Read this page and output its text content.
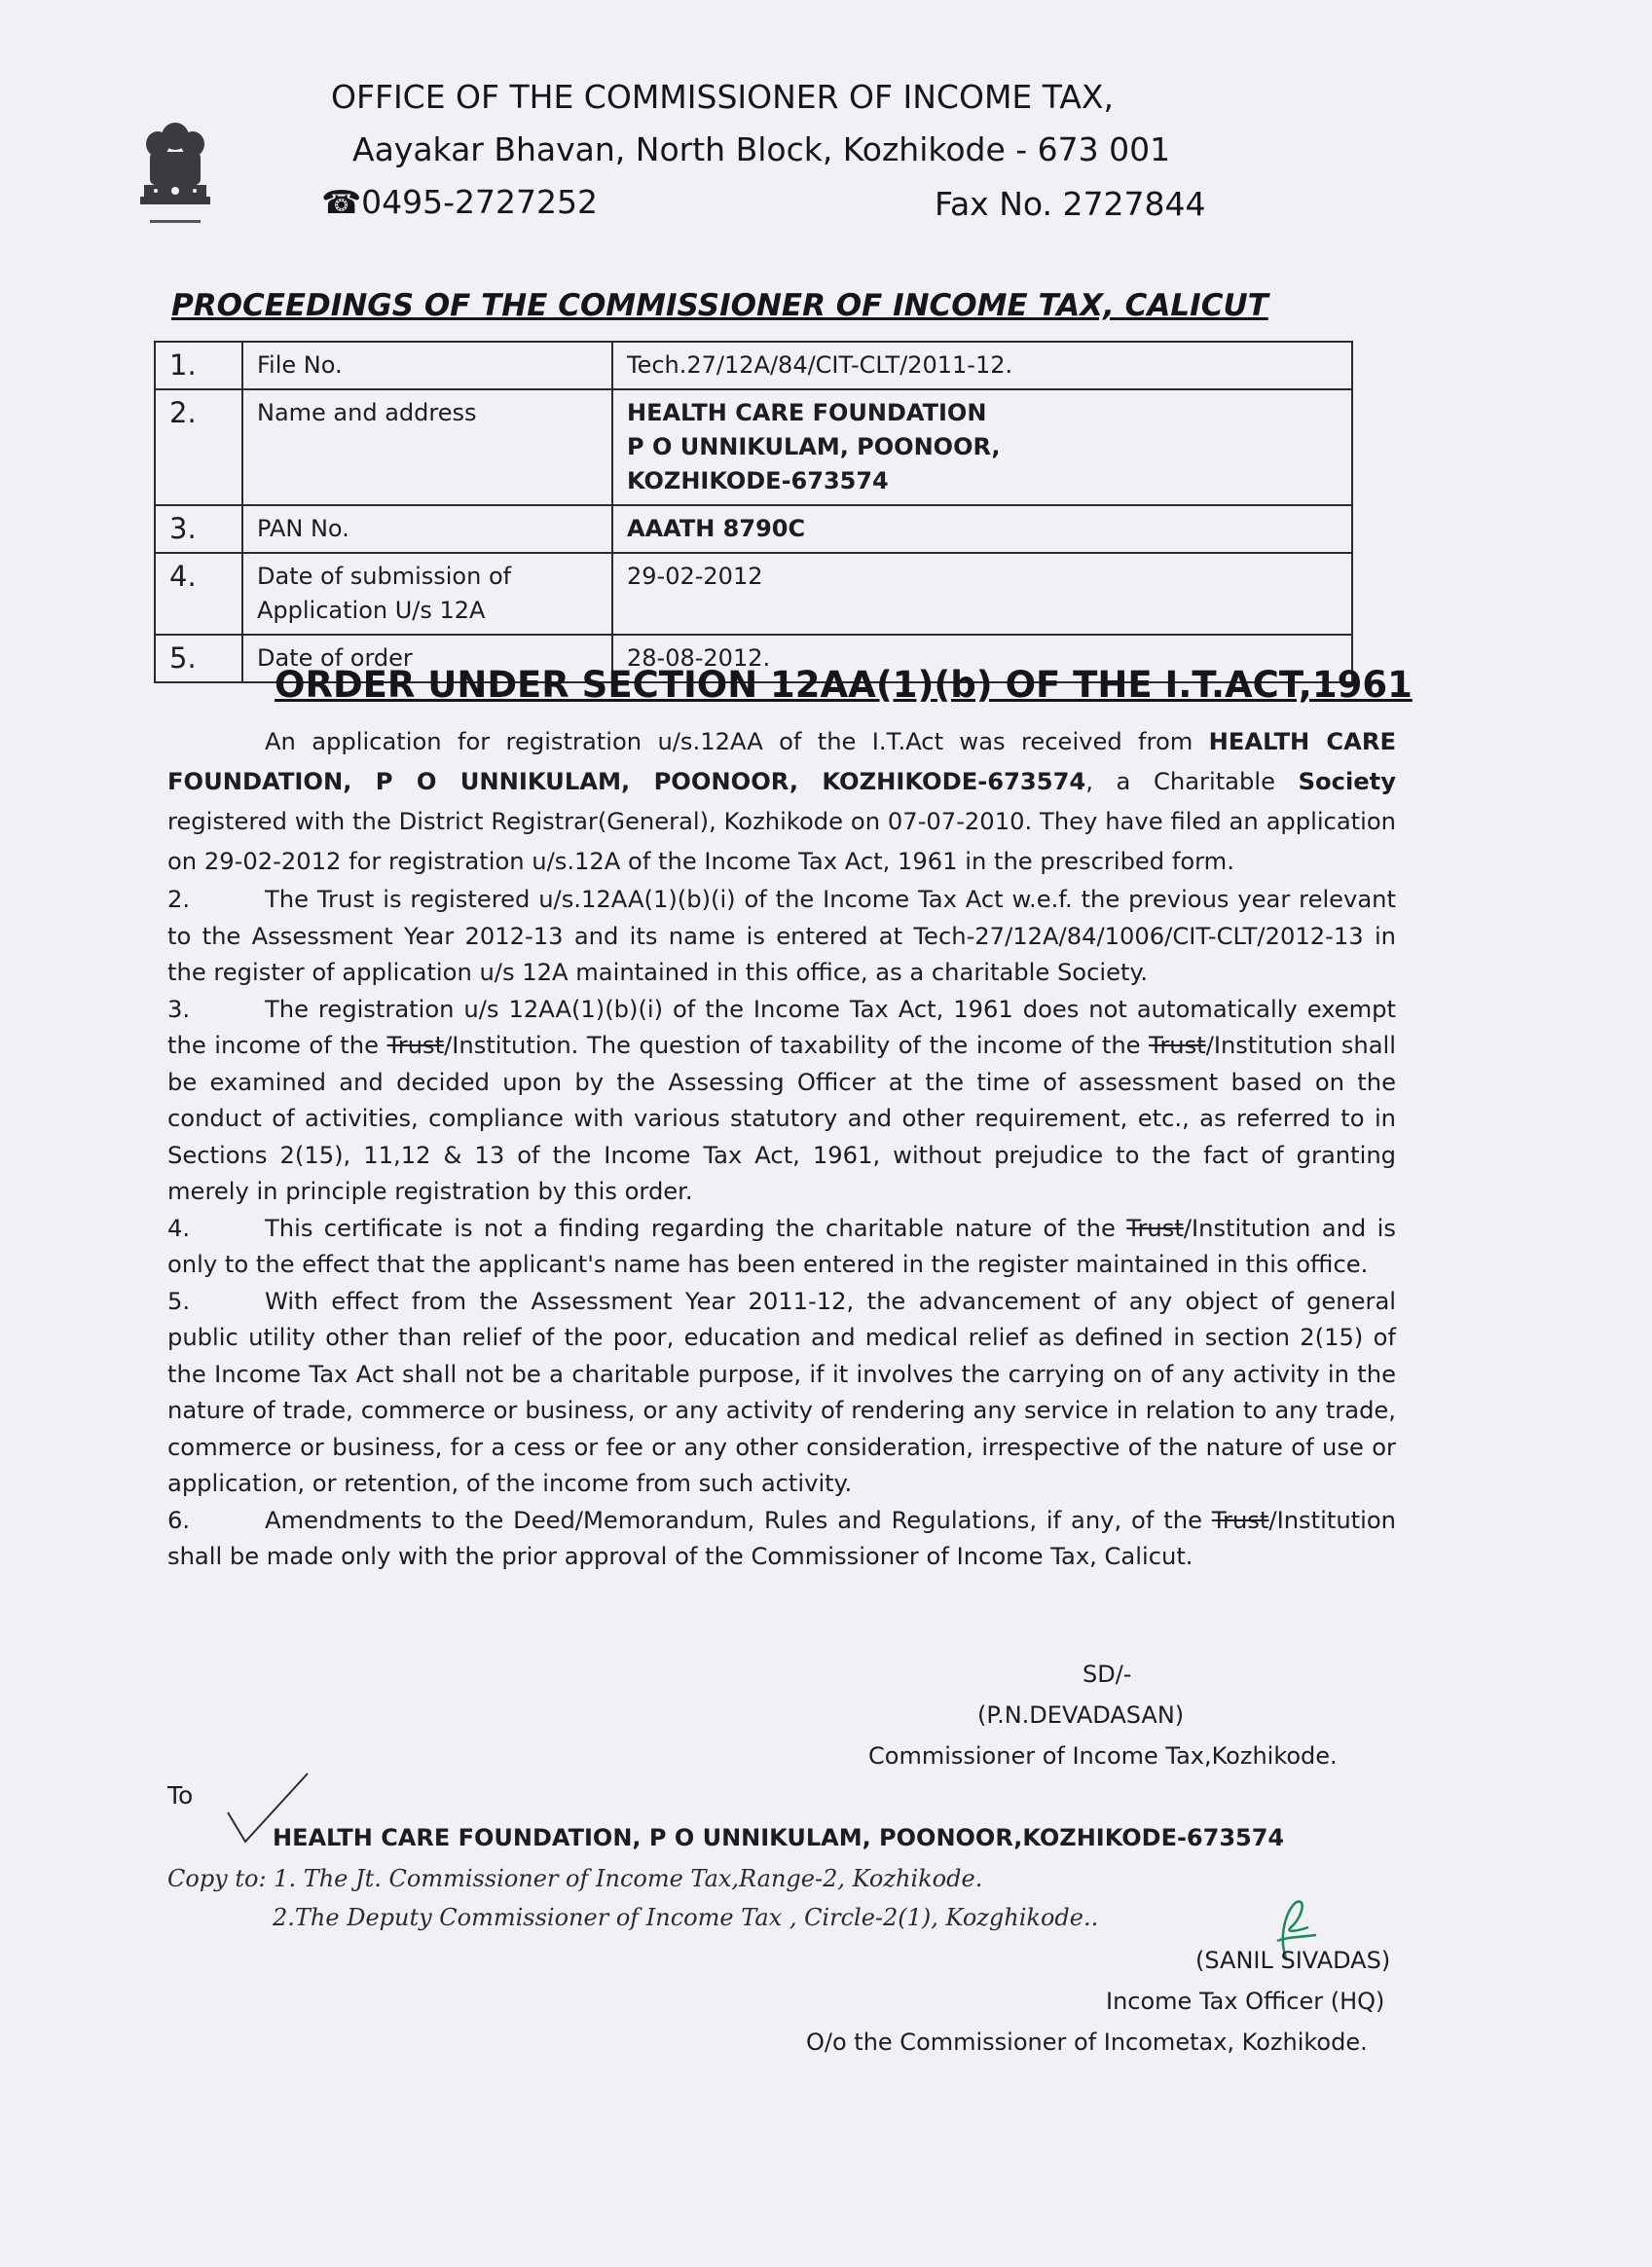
OFFICE OF THE COMMISSIONER OF INCOME TAX,
Aayakar Bhavan, North Block, Kozhikode - 673 001
☎0495-2727252	Fax No. 2727844
PROCEEDINGS OF THE COMMISSIONER OF INCOME TAX, CALICUT
1.	File No.	Tech.27/12A/84/CIT-CLT/2011-12.
2.	Name and address	HEALTH CARE FOUNDATION
P O UNNIKULAM, POONOOR,
KOZHIKODE-673574

3.	PAN No.	AAATH 8790C
4.	Date of submission of
Application U/s 12A	29-02-2012
5.	Date of order	28-08-2012.
ORDER UNDER SECTION 12AA(1)(b) OF THE I.T.ACT,1961

An application for registration u/s.12AA of the I.T.Act was received from HEALTH CARE FOUNDATION, P O UNNIKULAM, POONOOR, KOZHIKODE-673574, a Charitable Society registered with the District Registrar(General), Kozhikode on 07-07-2010. They have filed an application on 29-02-2012 for registration u/s.12A of the Income Tax Act, 1961 in the prescribed form.

2.	The Trust is registered u/s.12AA(1)(b)(i) of the Income Tax Act w.e.f. the previous year relevant to the Assessment Year 2012-13 and its name is entered at Tech-27/12A/84/1006/CIT-CLT/2012-13 in the register of application u/s 12A maintained in this office, as a charitable Society.

3.	The registration u/s 12AA(1)(b)(i) of the Income Tax Act, 1961 does not automatically exempt the income of the Trust/Institution. The question of taxability of the income of the Trust/Institution shall be examined and decided upon by the Assessing Officer at the time of assessment based on the conduct of activities, compliance with various statutory and other requirement, etc., as referred to in Sections 2(15), 11,12 & 13 of the Income Tax Act, 1961, without prejudice to the fact of granting merely in principle registration by this order.

4.	This certificate is not a finding regarding the charitable nature of the Trust/Institution and is only to the effect that the applicant's name has been entered in the register maintained in this office.

5.	With effect from the Assessment Year 2011-12, the advancement of any object of general public utility other than relief of the poor, education and medical relief as defined in section 2(15) of the Income Tax Act shall not be a charitable purpose, if it involves the carrying on of any activity in the nature of trade, commerce or business, or any activity of rendering any service in relation to any trade, commerce or business, for a cess or fee or any other consideration, irrespective of the nature of use or application, or retention, of the income from such activity.

6.	Amendments to the Deed/Memorandum, Rules and Regulations, if any, of the Trust/Institution shall be made only with the prior approval of the Commissioner of Income Tax, Calicut.

SD/-
(P.N.DEVADASAN)
Commissioner of Income Tax,Kozhikode.
To
HEALTH CARE FOUNDATION, P O UNNIKULAM, POONOOR,KOZHIKODE-673574
Copy to: 1. The Jt. Commissioner of Income Tax,Range-2, Kozhikode.
2.The Deputy Commissioner of Income Tax , Circle-2(1), Kozghikode..
(SANIL SIVADAS)
Income Tax Officer (HQ)
O/o the Commissioner of Incometax, Kozhikode.
